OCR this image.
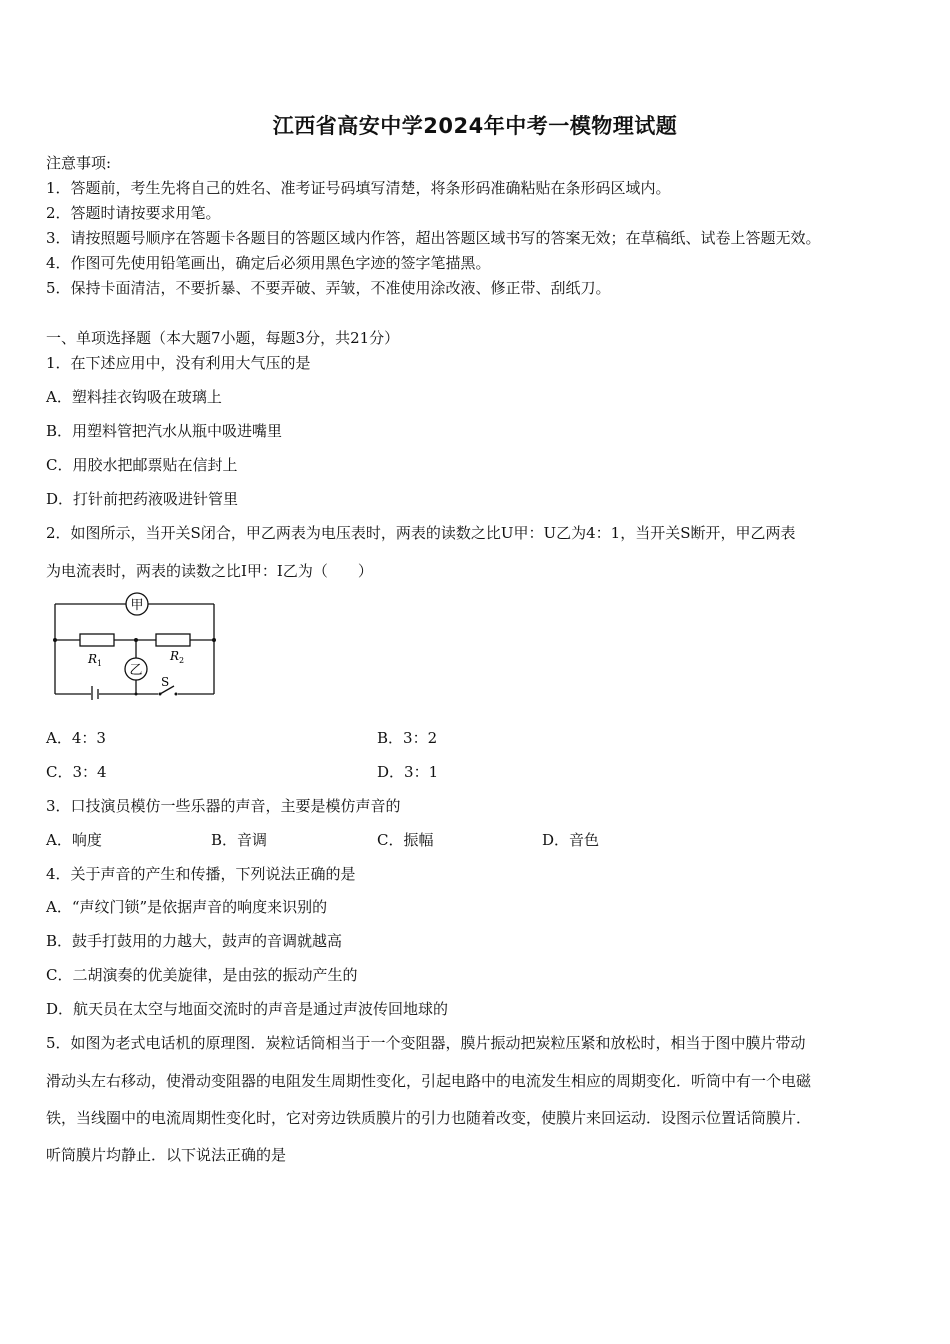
江西省高安中学2024年中考一模物理试题
注意事项:
1．答题前，考生先将自己的姓名、准考证号码填写清楚，将条形码准确粘贴在条形码区域内。
2．答题时请按要求用笔。
3．请按照题号顺序在答题卡各题目的答题区域内作答，超出答题区域书写的答案无效；在草稿纸、试卷上答题无效。
4．作图可先使用铅笔画出，确定后必须用黑色字迹的签字笔描黑。
5．保持卡面清洁，不要折暴、不要弄破、弄皱，不准使用涂改液、修正带、刮纸刀。
一、单项选择题（本大题7小题，每题3分，共21分）
1．在下述应用中，没有利用大气压的是
A．塑料挂衣钩吸在玻璃上
B．用塑料管把汽水从瓶中吸进嘴里
C．用胶水把邮票贴在信封上
D．打针前把药液吸进针管里
2．如图所示，当开关S闭合，甲乙两表为电压表时，两表的读数之比U甲：U乙为4：1，当开关S断开，甲乙两表
为电流表时，两表的读数之比I甲：I乙为（　　）
甲
乙
R 1
R 2
S
A．4：3	B．3：2
C．3：4	D．3：1
3．口技演员模仿一些乐器的声音，主要是模仿声音的
A．响度	B．音调	C．振幅	D．音色
4．关于声音的产生和传播，下列说法正确的是
A．“声纹门锁”是依据声音的响度来识别的
B．鼓手打鼓用的力越大，鼓声的音调就越高
C．二胡演奏的优美旋律，是由弦的振动产生的
D．航天员在太空与地面交流时的声音是通过声波传回地球的
5．如图为老式电话机的原理图．炭粒话筒相当于一个变阻器，膜片振动把炭粒压紧和放松时，相当于图中膜片带动
滑动头左右移动，使滑动变阻器的电阻发生周期性变化，引起电路中的电流发生相应的周期变化．听筒中有一个电磁
铁，当线圈中的电流周期性变化时，它对旁边铁质膜片的引力也随着改变，使膜片来回运动．设图示位置话筒膜片．
听筒膜片均静止．以下说法正确的是
